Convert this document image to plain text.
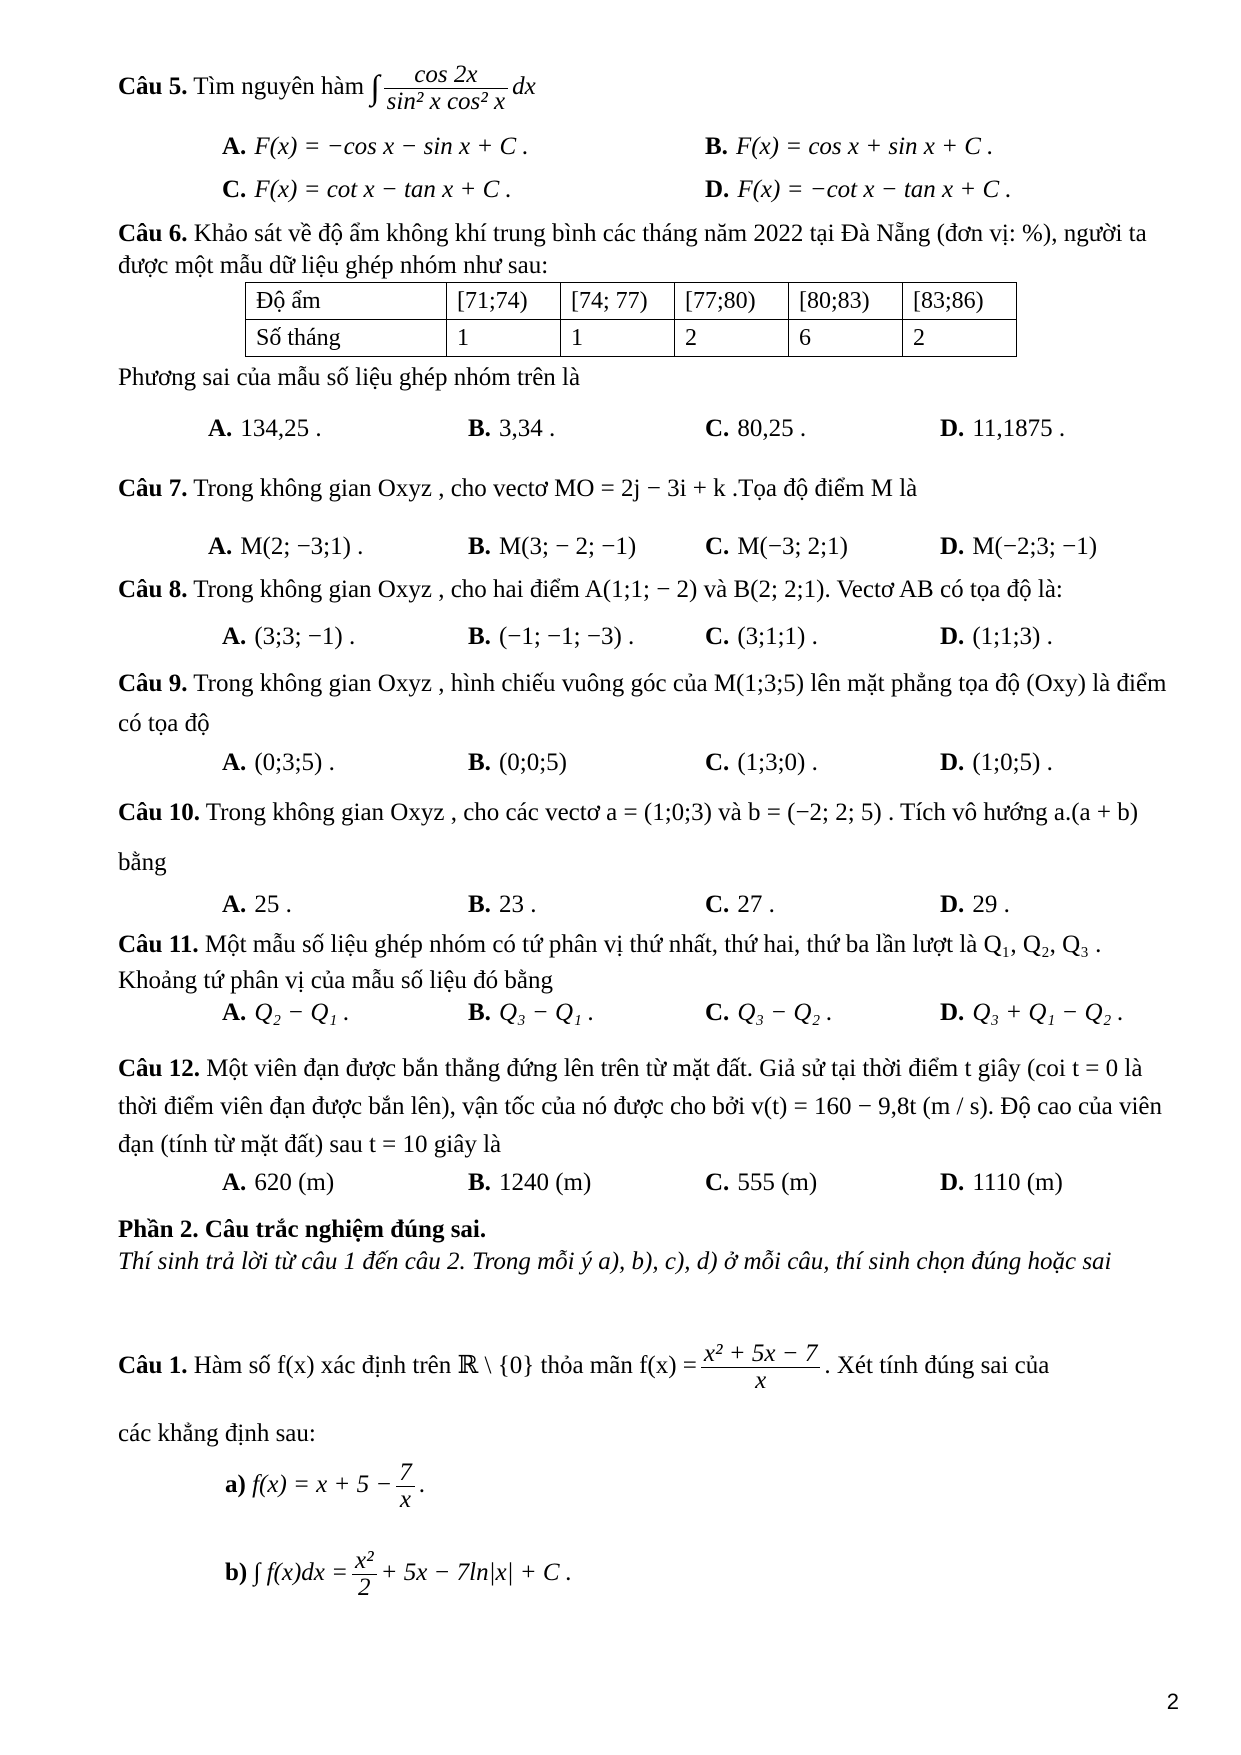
Câu 5. Tìm nguyên hàm ∫ $\frac{\cos 2x}{\text{sin² x cos² x}}$ dx
A. F(x) = −cos x − sin x + C .	B. F(x) = cos x + sin x + C .
C. F(x) = cot x − tan x + C .	D. F(x) = −cot x − tan x + C .
Câu 6. Khảo sát về độ ẩm không khí trung bình các tháng năm 2022 tại Đà Nẵng (đơn vị: %), người ta được một mẫu dữ liệu ghép nhóm như sau:
Độ ẩm	[71;74)	[74; 77)	[77;80)	[80;83)	[83;86)
Số tháng	1	1	2	6	2
Phương sai của mẫu số liệu ghép nhóm trên là
A. 134,25 .	B. 3,34 .	C. 80,25 .	D. 11,1875 .
Câu 7. Trong không gian Oxyz , cho vectơ MO = 2j − 3i + k .Tọa độ điểm M là
A. M(2; −3;1) .	B. M(3; − 2; −1)	C. M(−3; 2;1)	D. M(−2;3; −1)
Câu 8. Trong không gian Oxyz , cho hai điểm A(1;1; − 2) và B(2; 2;1). Vectơ AB có tọa độ là:
A. (3;3; −1) .	B. (−1; −1; −3) .	C. (3;1;1) .	D. (1;1;3) .
Câu 9. Trong không gian Oxyz , hình chiếu vuông góc của M(1;3;5) lên mặt phẳng tọa độ (Oxy) là điểm có tọa độ
A. (0;3;5) .	B. (0;0;5)	C. (1;3;0) .	D. (1;0;5) .
Câu 10. Trong không gian Oxyz , cho các vectơ a = (1;0;3) và b = (−2; 2; 5) . Tích vô hướng a.(a + b) bằng
A. 25 .	B. 23 .	C. 27 .	D. 29 .
Câu 11. Một mẫu số liệu ghép nhóm có tứ phân vị thứ nhất, thứ hai, thứ ba lần lượt là Q₁, Q₂, Q₃ . Khoảng tứ phân vị của mẫu số liệu đó bằng
A. Q₂ − Q₁ .	B. Q₃ − Q₁ .	C. Q₃ − Q₂ .	D. Q₃ + Q₁ − Q₂ .
Câu 12. Một viên đạn được bắn thẳng đứng lên trên từ mặt đất. Giả sử tại thời điểm t giây (coi t = 0 là thời điểm viên đạn được bắn lên), vận tốc của nó được cho bởi v(t) = 160 − 9,8t (m / s). Độ cao của viên đạn (tính từ mặt đất) sau t = 10 giây là
A. 620 (m)	B. 1240 (m)	C. 555 (m)	D. 1110 (m)
Phần 2. Câu trắc nghiệm đúng sai.
Thí sinh trả lời từ câu 1 đến câu 2. Trong mỗi ý a), b), c), d) ở mỗi câu, thí sinh chọn đúng hoặc sai
Câu 1. Hàm số f(x) xác định trên ℝ \ {0} thỏa mãn $f(x) = \frac{\text{x² + 5x − 7}}{x}$ . Xét tính đúng sai của
các khẳng định sau:
a) $f(x) = x + 5 - \frac{7}{x}$ .
b) ∫ $f(x)dx = \frac{\text{x²}}{2} + 5x - 7\ln|x| + C$ .
2
